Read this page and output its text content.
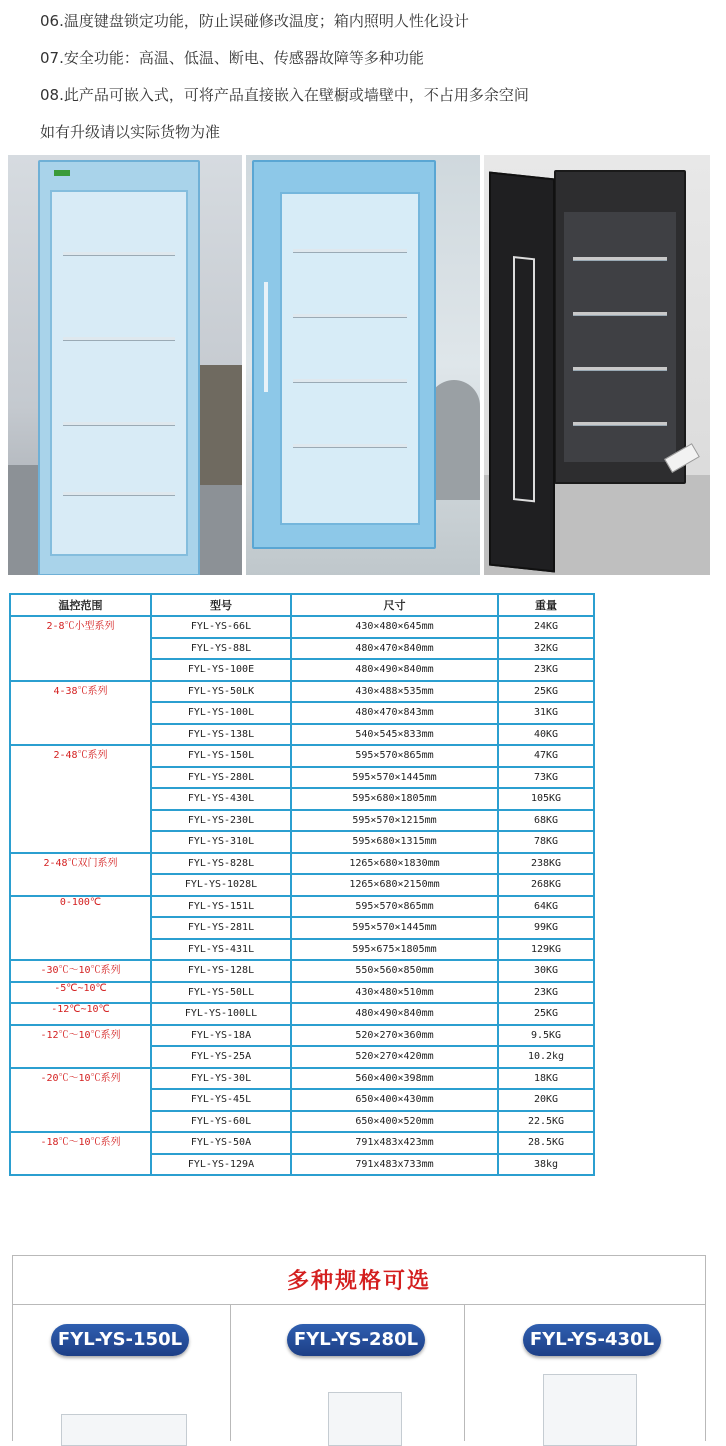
06.温度键盘锁定功能，防止误碰修改温度；箱内照明人性化设计
07.安全功能：高温、低温、断电、传感器故障等多种功能
08.此产品可嵌入式，可将产品直接嵌入在壁橱或墙壁中，不占用多余空间
如有升级请以实际货物为准
温控范围	型号	尺寸	重量
2-8℃小型系列	FYL-YS-66L	430×480×645mm	24KG
	FYL-YS-88L	480×470×840mm	32KG
	FYL-YS-100E	480×490×840mm	23KG
4-38℃系列	FYL-YS-50LK	430×488×535mm	25KG
	FYL-YS-100L	480×470×843mm	31KG
	FYL-YS-138L	540×545×833mm	40KG
2-48℃系列	FYL-YS-150L	595×570×865mm	47KG
	FYL-YS-280L	595×570×1445mm	73KG
	FYL-YS-430L	595×680×1805mm	105KG
	FYL-YS-230L	595×570×1215mm	68KG
	FYL-YS-310L	595×680×1315mm	78KG
2-48℃双门系列	FYL-YS-828L	1265×680×1830mm	238KG
	FYL-YS-1028L	1265×680×2150mm	268KG
0-100℃	FYL-YS-151L	595×570×865mm	64KG
	FYL-YS-281L	595×570×1445mm	99KG
	FYL-YS-431L	595×675×1805mm	129KG
-30℃～10℃系列	FYL-YS-128L	550×560×850mm	30KG
-5℃~10℃	FYL-YS-50LL	430×480×510mm	23KG
-12℃~10℃	FYL-YS-100LL	480×490×840mm	25KG
-12℃～10℃系列	FYL-YS-18A	520×270×360mm	9.5KG
	FYL-YS-25A	520×270×420mm	10.2kg
-20℃～10℃系列	FYL-YS-30L	560×400×398mm	18KG
	FYL-YS-45L	650×400×430mm	20KG
	FYL-YS-60L	650×400×520mm	22.5KG
-18℃～10℃系列	FYL-YS-50A	791x483x423mm	28.5KG
	FYL-YS-129A	791x483x733mm	38kg
多种规格可选
FYL-YS-150L	FYL-YS-280L	FYL-YS-430L
